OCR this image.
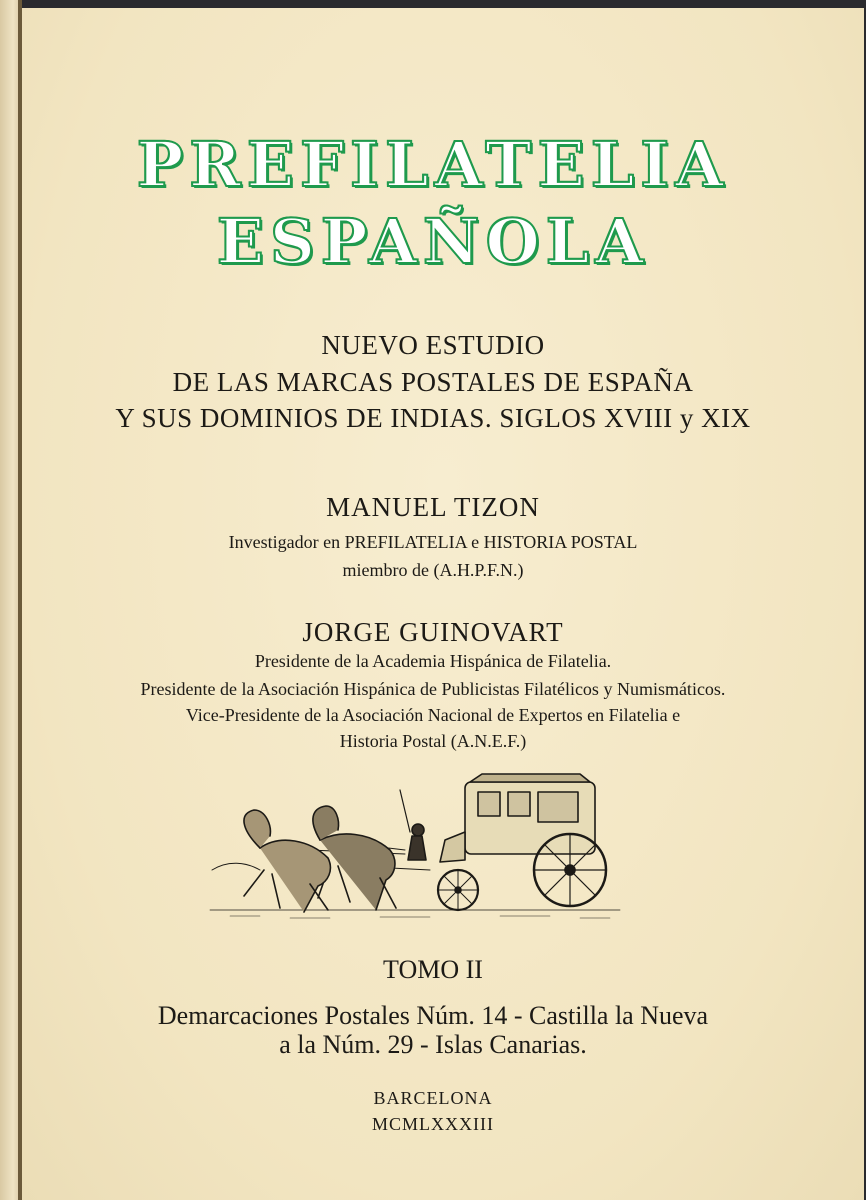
PREFILATELIA
ESPAÑOLA
NUEVO ESTUDIO
DE LAS MARCAS POSTALES DE ESPAÑA
Y SUS DOMINIOS DE INDIAS. SIGLOS XVIII y XIX
MANUEL TIZON
Investigador en PREFILATELIA e HISTORIA POSTAL
miembro de (A.H.P.F.N.)
JORGE GUINOVART
Presidente de la Academia Hispánica de Filatelia.
Presidente de la Asociación Hispánica de Publicistas Filatélicos y Numismáticos.
Vice-Presidente de la Asociación Nacional de Expertos en Filatelia e
Historia Postal (A.N.E.F.)
TOMO II
Demarcaciones Postales Núm. 14 - Castilla la Nueva
a la Núm. 29 - Islas Canarias.
BARCELONA
MCMLXXXIII
